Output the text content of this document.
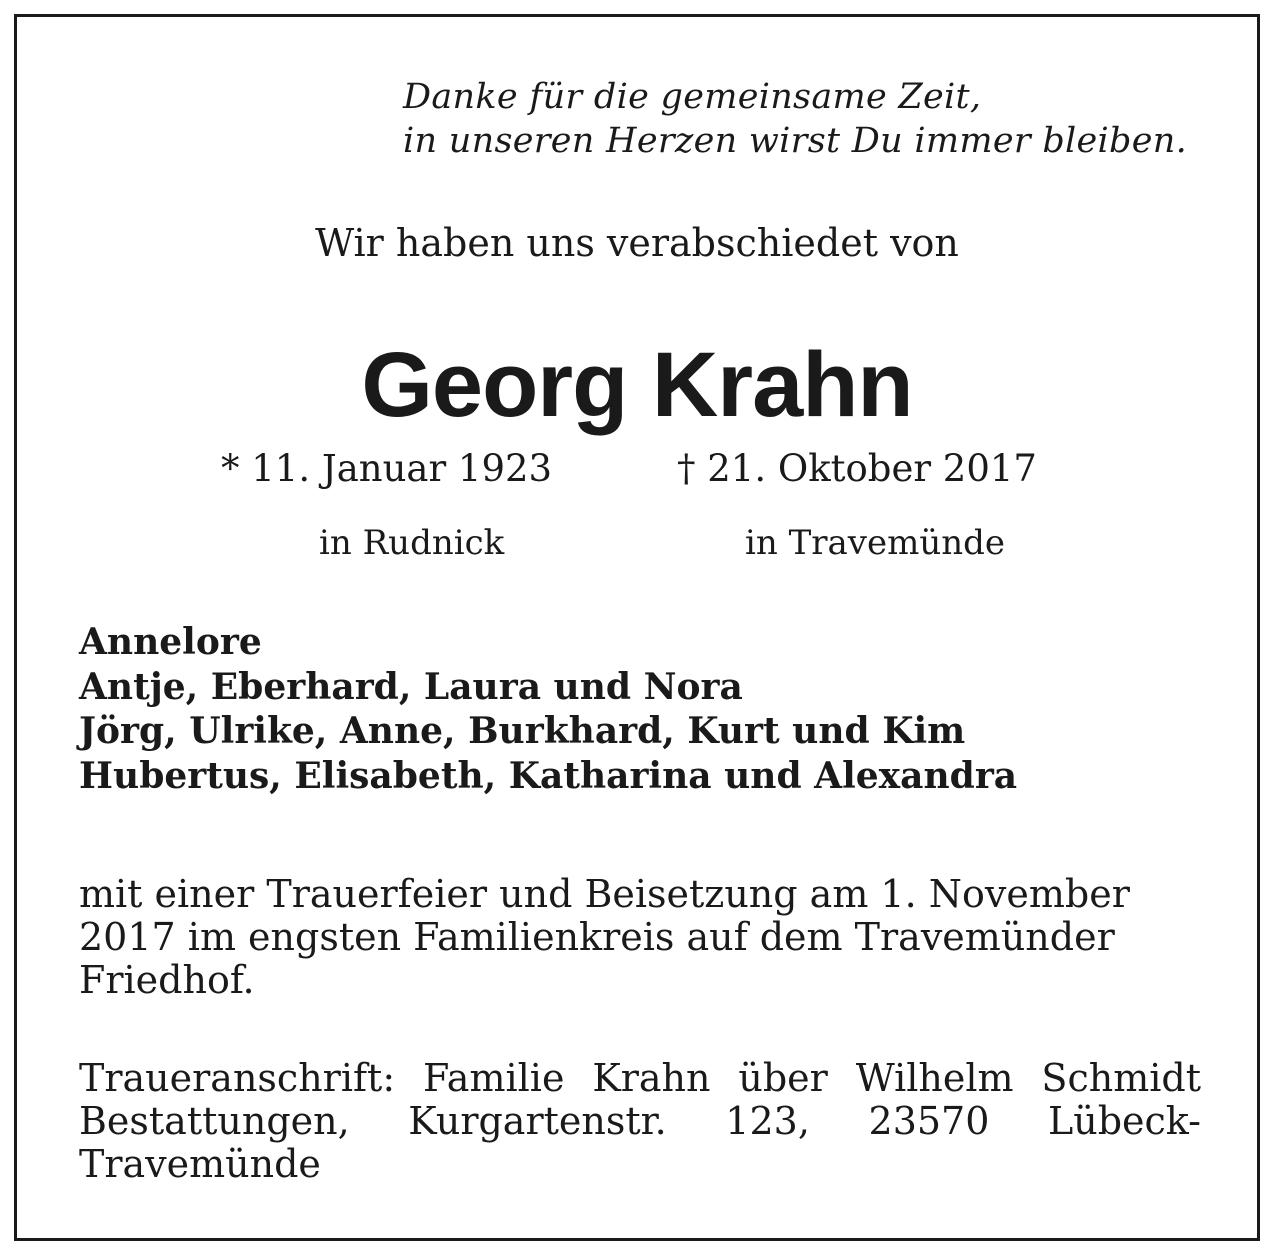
Danke für die gemeinsame Zeit,
in unseren Herzen wirst Du immer bleiben.
Wir haben uns verabschiedet von
Georg Krahn
* 11. Januar 1923	† 21. Oktober 2017
in Rudnick	in Travemünde
Annelore
Antje, Eberhard, Laura und Nora
Jörg, Ulrike, Anne, Burkhard, Kurt und Kim
Hubertus, Elisabeth, Katharina und Alexandra
mit einer Trauerfeier und Beisetzung am 1. November 2017 im engsten Familienkreis auf dem Travemünder Friedhof.
Traueranschrift: Familie Krahn über Wilhelm Schmidt Bestattungen, Kurgartenstr. 123, 23570 Lübeck-Travemünde
